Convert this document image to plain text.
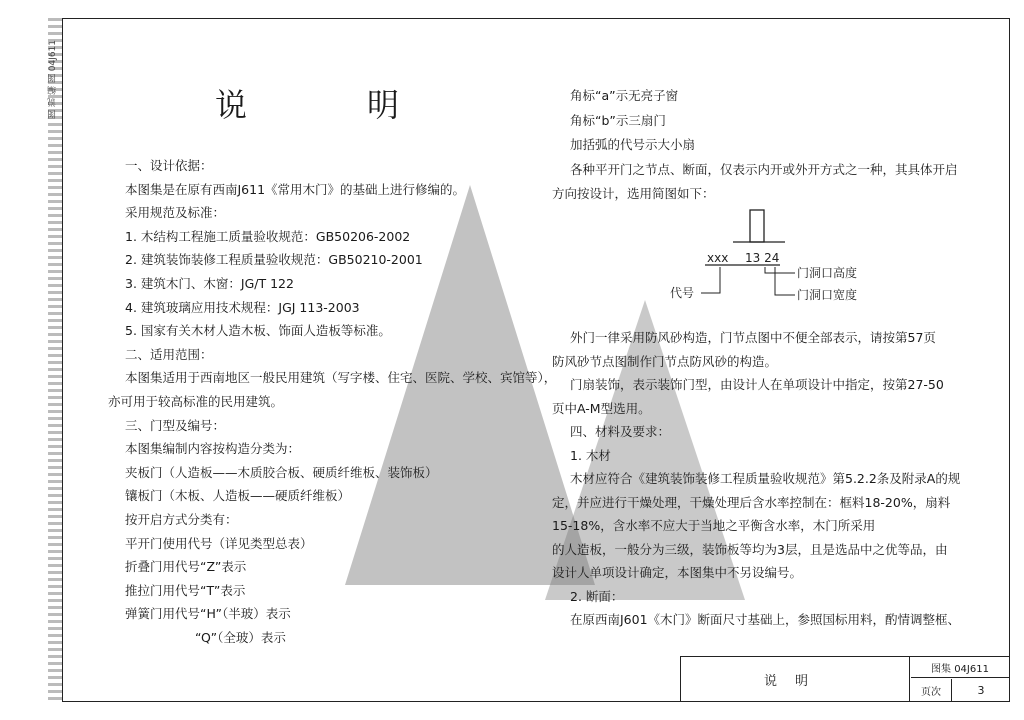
图 说 编 图 04J611	说明
一、设计依据：
本图集是在原有西南J611《常用木门》的基础上进行修编的。
采用规范及标准：
1. 木结构工程施工质量验收规范：GB50206-2002
2. 建筑装饰装修工程质量验收规范：GB50210-2001
3. 建筑木门、木窗：JG/T 122
4. 建筑玻璃应用技术规程：JGJ 113-2003
5. 国家有关木材人造木板、饰面人造板等标准。
二、适用范围：
本图集适用于西南地区一般民用建筑（写字楼、住宅、医院、学校、宾馆等），
亦可用于较高标准的民用建筑。
三、门型及编号：
本图集编制内容按构造分类为：
夹板门（人造板——木质胶合板、硬质纤维板、装饰板）
镶板门（木板、人造板——硬质纤维板）
按开启方式分类有：
平开门使用代号（详见类型总表）
折叠门用代号“Z”表示
推拉门用代号“T”表示
弹簧门用代号“H”（半玻）表示
“Q”（全玻）表示
角标“a”示无亮子窗
角标“b”示三扇门
加括弧的代号示大小扇
各种平开门之节点、断面，仅表示内开或外开方式之一种，其具体开启
方向按设计，选用简图如下：
外门一律采用防风砂构造，门节点图中不便全部表示，请按第57页
防风砂节点图制作门节点防风砂的构造。
门扇装饰，表示装饰门型，由设计人在单项设计中指定，按第27-50
页中A-M型选用。
四、材料及要求：
1. 木材
木材应符合《建筑装饰装修工程质量验收规范》第5.2.2条及附录A的规
定，并应进行干燥处理，干燥处理后含水率控制在：框料18-20%，扇料
15-18%，含水率不应大于当地之平衡含水率，木门所采用
的人造板，一般分为三级，装饰板等均为3层，且是选品中之优等品，由
设计人单项设计确定，本图集中不另设编号。
2. 断面：
在原西南J601《木门》断面尺寸基础上，参照国标用料，酌情调整框、
xxx 13 24
门洞口高度
门洞口宽度
代号
说明
图集 04J611
页次	3
